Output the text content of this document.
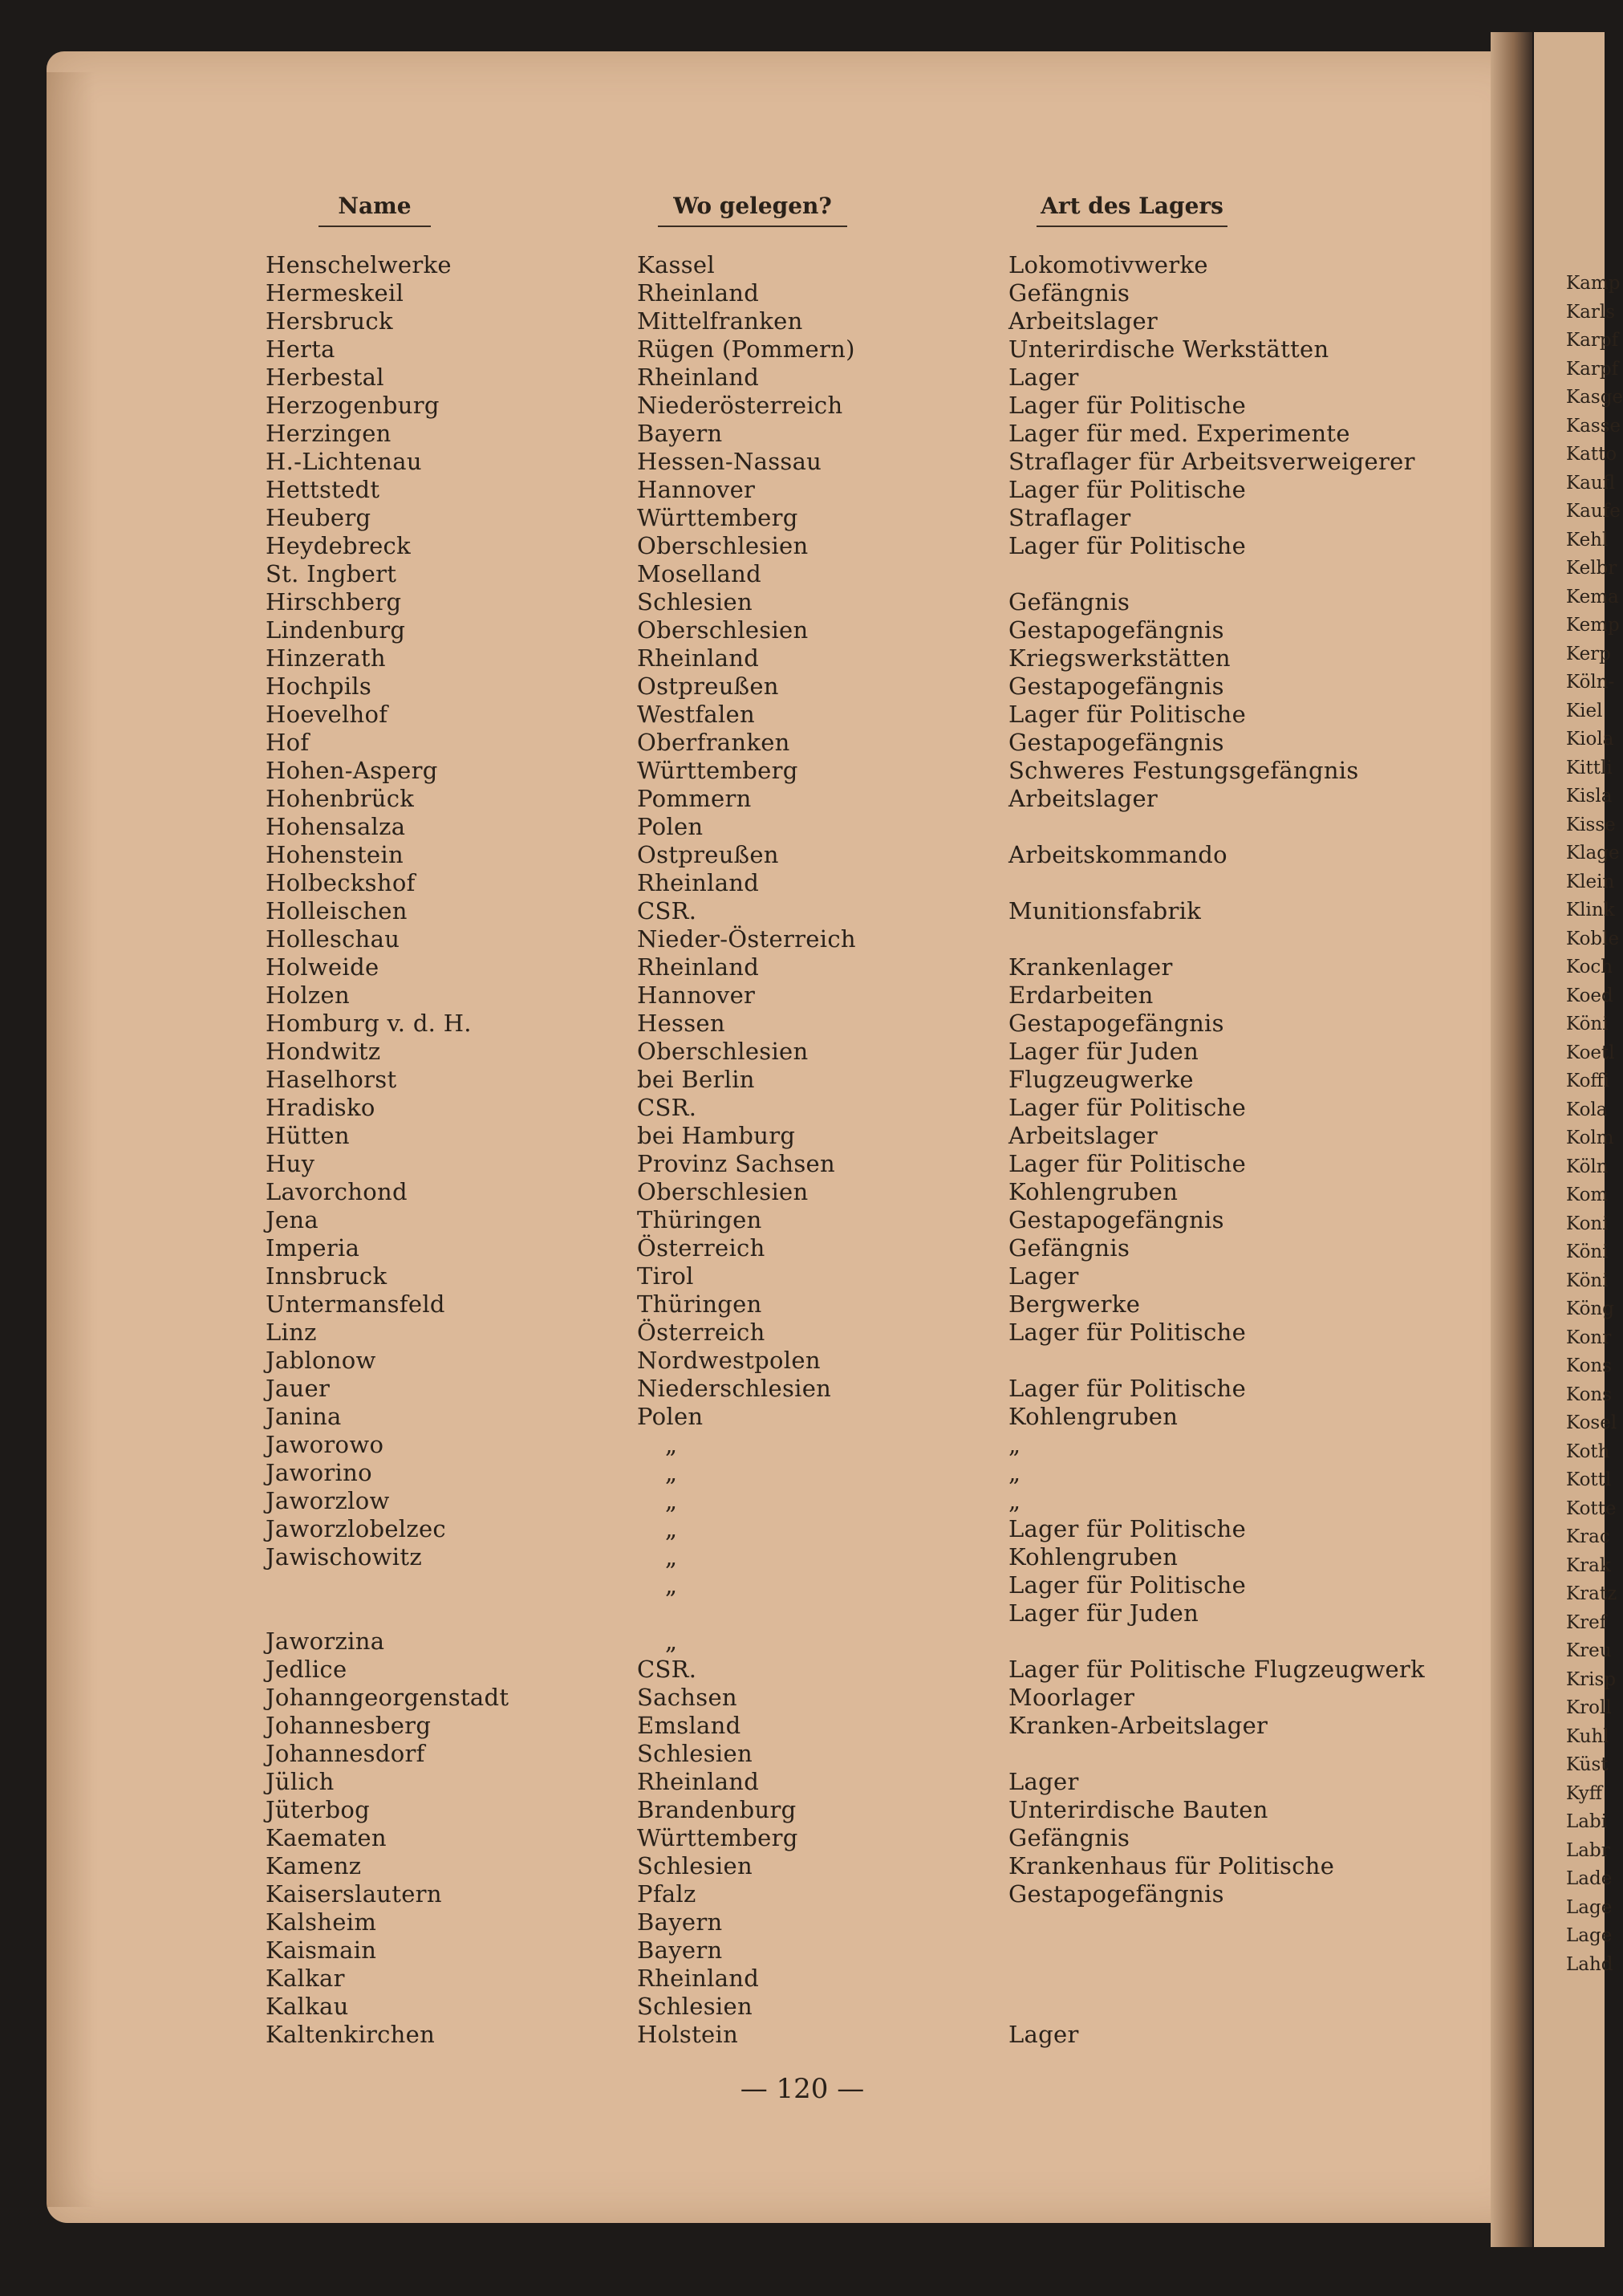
Kamp
Karls
Karpf
Karpf
Kasge
Kasse
Katto
Kaufl
Kaufe
Kehl
Kelbr
Kema
Kemp
Kerp
Köln-
Kiel
Kiola
Kittli
Kisla
Kisse
Klage
Klein
Klink
Koble
Koch
Koed
Köni
Koetl
Koffi
Kola
Kolm
Köln
Kom
Koni
Köni
Köni
Köng
Konr
Kons
Kons
Kosel
Koth
Kottl
Kotte
Krac
Krak
Kratz
Kref
Kreu
Krisp
Kroll
Kuhl
Küst
Kyff
Labi
Labr
Lade
Lage
Lage
Lahd
Name	Wo gelegen?	Art des Lagers
Henschelwerke
Hermeskeil
Hersbruck
Herta
Herbestal
Herzogenburg
Herzingen
H.-Lichtenau
Hettstedt
Heuberg
Heydebreck
St. Ingbert
Hirschberg
Lindenburg
Hinzerath
Hochpils
Hoevelhof
Hof
Hohen-Asperg
Hohenbrück
Hohensalza
Hohenstein
Holbeckshof
Holleischen
Holleschau
Holweide
Holzen
Homburg v. d. H.
Hondwitz
Haselhorst
Hradisko
Hütten
Huy
Lavorchond
Jena
Imperia
Innsbruck
Untermansfeld
Linz
Jablonow
Jauer
Janina
Jaworowo
Jaworino
Jaworzlow
Jaworzlobelzec
Jawischowitz
Jaworzina
Jedlice
Johanngeorgenstadt
Johannesberg
Johannesdorf
Jülich
Jüterbog
Kaematen
Kamenz
Kaiserslautern
Kalsheim
Kaismain
Kalkar
Kalkau
Kaltenkirchen
Kassel
Rheinland
Mittelfranken
Rügen (Pommern)
Rheinland
Niederösterreich
Bayern
Hessen-Nassau
Hannover
Württemberg
Oberschlesien
Moselland
Schlesien
Oberschlesien
Rheinland
Ostpreußen
Westfalen
Oberfranken
Württemberg
Pommern
Polen
Ostpreußen
Rheinland
CSR.
Nieder-Österreich
Rheinland
Hannover
Hessen
Oberschlesien
bei Berlin
CSR.
bei Hamburg
Provinz Sachsen
Oberschlesien
Thüringen
Österreich
Tirol
Thüringen
Österreich
Nordwestpolen
Niederschlesien
Polen
„
„
„
„
„
„
„
CSR.
Sachsen
Emsland
Schlesien
Rheinland
Brandenburg
Württemberg
Schlesien
Pfalz
Bayern
Bayern
Rheinland
Schlesien
Holstein
Lokomotivwerke
Gefängnis
Arbeitslager
Unterirdische Werkstätten
Lager
Lager für Politische
Lager für med. Experimente
Straflager für Arbeitsverweigerer
Lager für Politische
Straflager
Lager für Politische
Gefängnis
Gestapogefängnis
Kriegswerkstätten
Gestapogefängnis
Lager für Politische
Gestapogefängnis
Schweres Festungsgefängnis
Arbeitslager
Arbeitskommando
Munitionsfabrik
Krankenlager
Erdarbeiten
Gestapogefängnis
Lager für Juden
Flugzeugwerke
Lager für Politische
Arbeitslager
Lager für Politische
Kohlengruben
Gestapogefängnis
Gefängnis
Lager
Bergwerke
Lager für Politische
Lager für Politische
Kohlengruben
„
„
„
Lager für Politische
Kohlengruben
Lager für Politische
Lager für Juden
Lager für Politische Flugzeugwerk
Moorlager
Kranken-Arbeitslager
Lager
Unterirdische Bauten
Gefängnis
Krankenhaus für Politische
Gestapogefängnis
Lager
— 120 —
